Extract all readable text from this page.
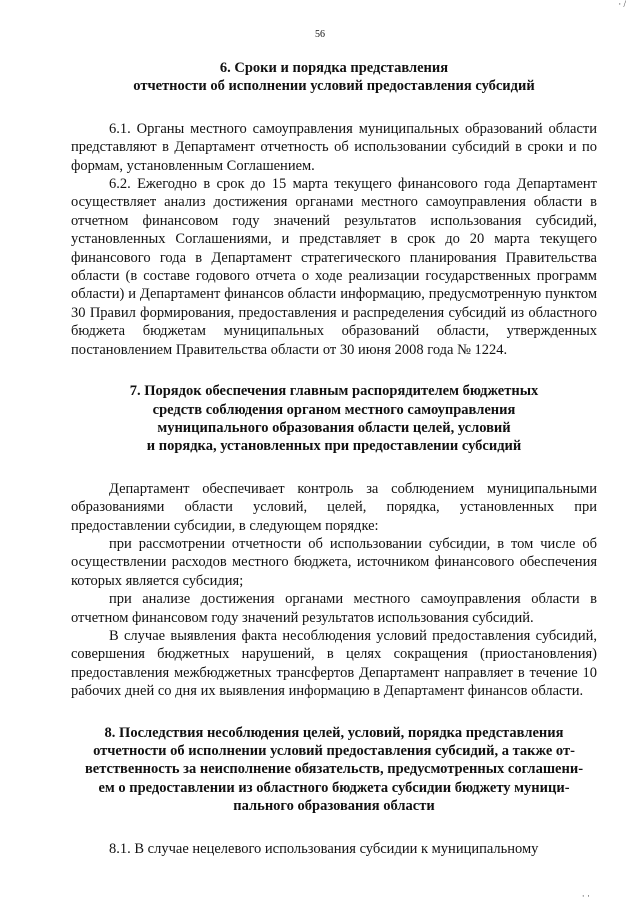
· /
56
6. Сроки и порядка представления
отчетности об исполнении условий предоставления субсидий

6.1. Органы местного самоуправления муниципальных образований области представляют в Департамент отчетность об использовании субсидий в сроки и по формам, установленным Соглашением.

6.2. Ежегодно в срок до 15 марта текущего финансового года Департамент осуществляет анализ достижения органами местного самоуправления области в отчетном финансовом году значений результатов использования субсидий, установленных Соглашениями, и представляет в срок до 20 марта текущего финансового года в Департамент стратегического планирования Правительства области (в составе годового отчета о ходе реализации государственных программ области) и Департамент финансов области информацию, предусмотренную пунктом 30 Правил формирования, предоставления и распределения субсидий из областного бюджета бюджетам муниципальных образований области, утвержденных постановлением Правительства области от 30 июня 2008 года № 1224.

7. Порядок обеспечения главным распорядителем бюджетных
средств соблюдения органом местного самоуправления
муниципального образования области целей, условий
и порядка, установленных при предоставлении субсидий

Департамент обеспечивает контроль за соблюдением муниципальными образованиями области условий, целей, порядка, установленных при предоставлении субсидии, в следующем порядке:

при рассмотрении отчетности об использовании субсидии, в том числе об осуществлении расходов местного бюджета, источником финансового обеспечения которых является субсидия;

при анализе достижения органами местного самоуправления области в отчетном финансовом году значений результатов использования субсидий.

В случае выявления факта несоблюдения условий предоставления субсидий, совершения бюджетных нарушений, в целях сокращения (приостановления) предоставления межбюджетных трансфертов Департамент направляет в течение 10 рабочих дней со дня их выявления информацию в Департамент финансов области.

8. Последствия несоблюдения целей, условий, порядка представления
отчетности об исполнении условий предоставления субсидий, а также от-
ветственность за неисполнение обязательств, предусмотренных соглашени-
ем о предоставлении из областного бюджета субсидии бюджету муници-
пального образования области

8.1. В случае нецелевого использования субсидии к муниципальному

· ·
